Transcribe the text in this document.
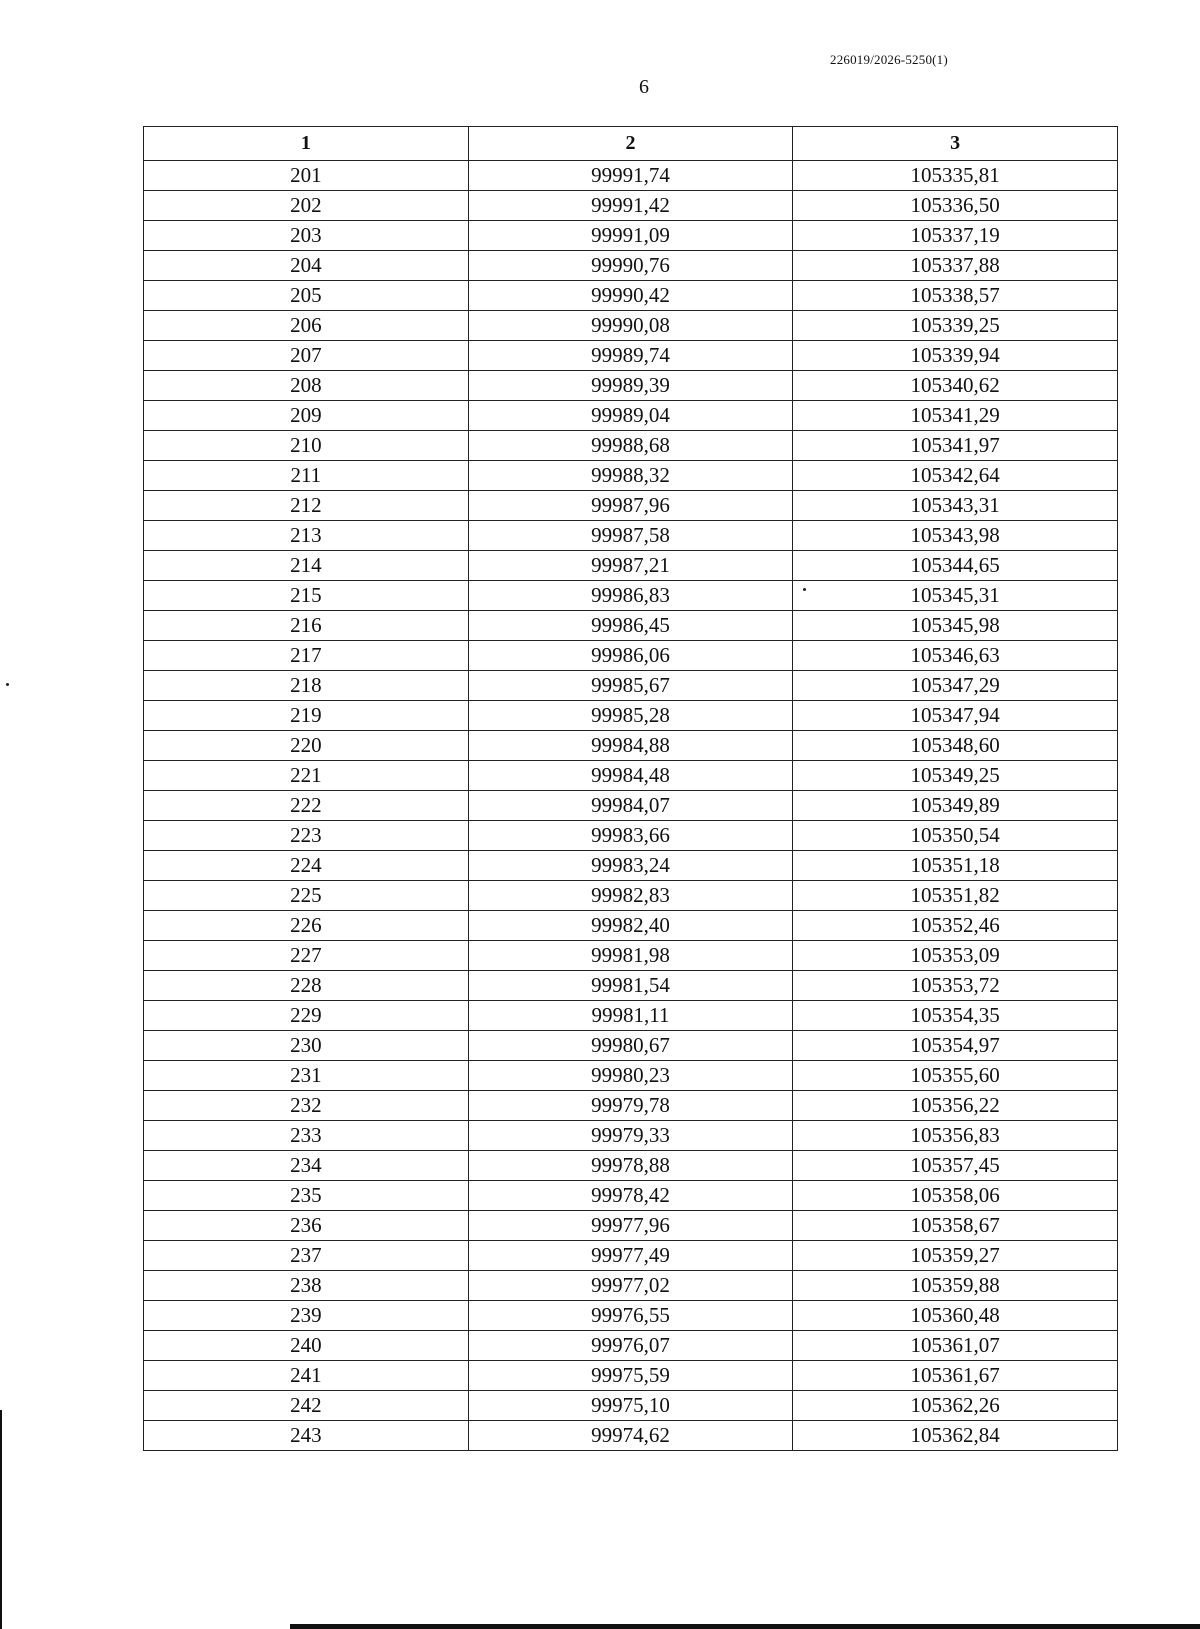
226019/2026-5250(1)
6
1	2	3
201	99991,74	105335,81
202	99991,42	105336,50
203	99991,09	105337,19
204	99990,76	105337,88
205	99990,42	105338,57
206	99990,08	105339,25
207	99989,74	105339,94
208	99989,39	105340,62
209	99989,04	105341,29
210	99988,68	105341,97
211	99988,32	105342,64
212	99987,96	105343,31
213	99987,58	105343,98
214	99987,21	105344,65
215	99986,83	105345,31
216	99986,45	105345,98
217	99986,06	105346,63
218	99985,67	105347,29
219	99985,28	105347,94
220	99984,88	105348,60
221	99984,48	105349,25
222	99984,07	105349,89
223	99983,66	105350,54
224	99983,24	105351,18
225	99982,83	105351,82
226	99982,40	105352,46
227	99981,98	105353,09
228	99981,54	105353,72
229	99981,11	105354,35
230	99980,67	105354,97
231	99980,23	105355,60
232	99979,78	105356,22
233	99979,33	105356,83
234	99978,88	105357,45
235	99978,42	105358,06
236	99977,96	105358,67
237	99977,49	105359,27
238	99977,02	105359,88
239	99976,55	105360,48
240	99976,07	105361,07
241	99975,59	105361,67
242	99975,10	105362,26
243	99974,62	105362,84
